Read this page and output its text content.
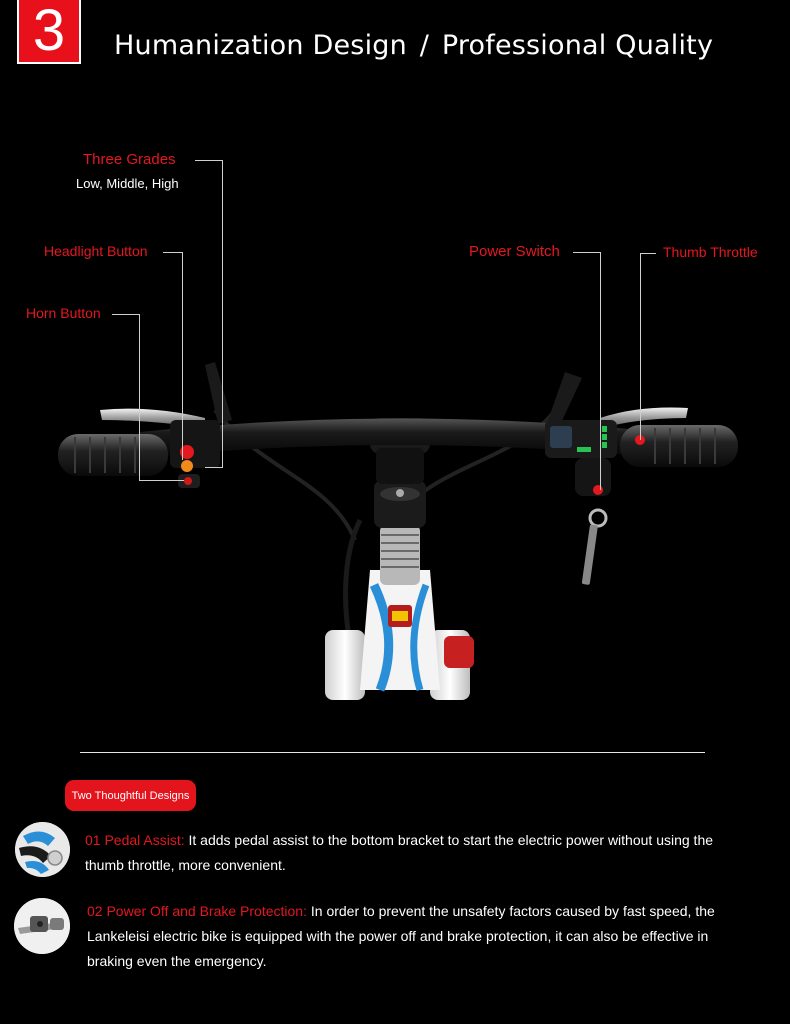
3 Humanization Design / Professional Quality
Three Grades
Low, Middle, High
Headlight Button
Horn Button
Power Switch	Thumb Throttle
Two Thoughtful Designs
01 Pedal Assist: It adds pedal assist to the bottom bracket to start the electric power without using the thumb throttle, more convenient.
02 Power Off and Brake Protection: In order to prevent the unsafety factors caused by fast speed, the Lankeleisi electric bike is equipped with the power off and brake protection, it can also be effective in braking even the emergency.
